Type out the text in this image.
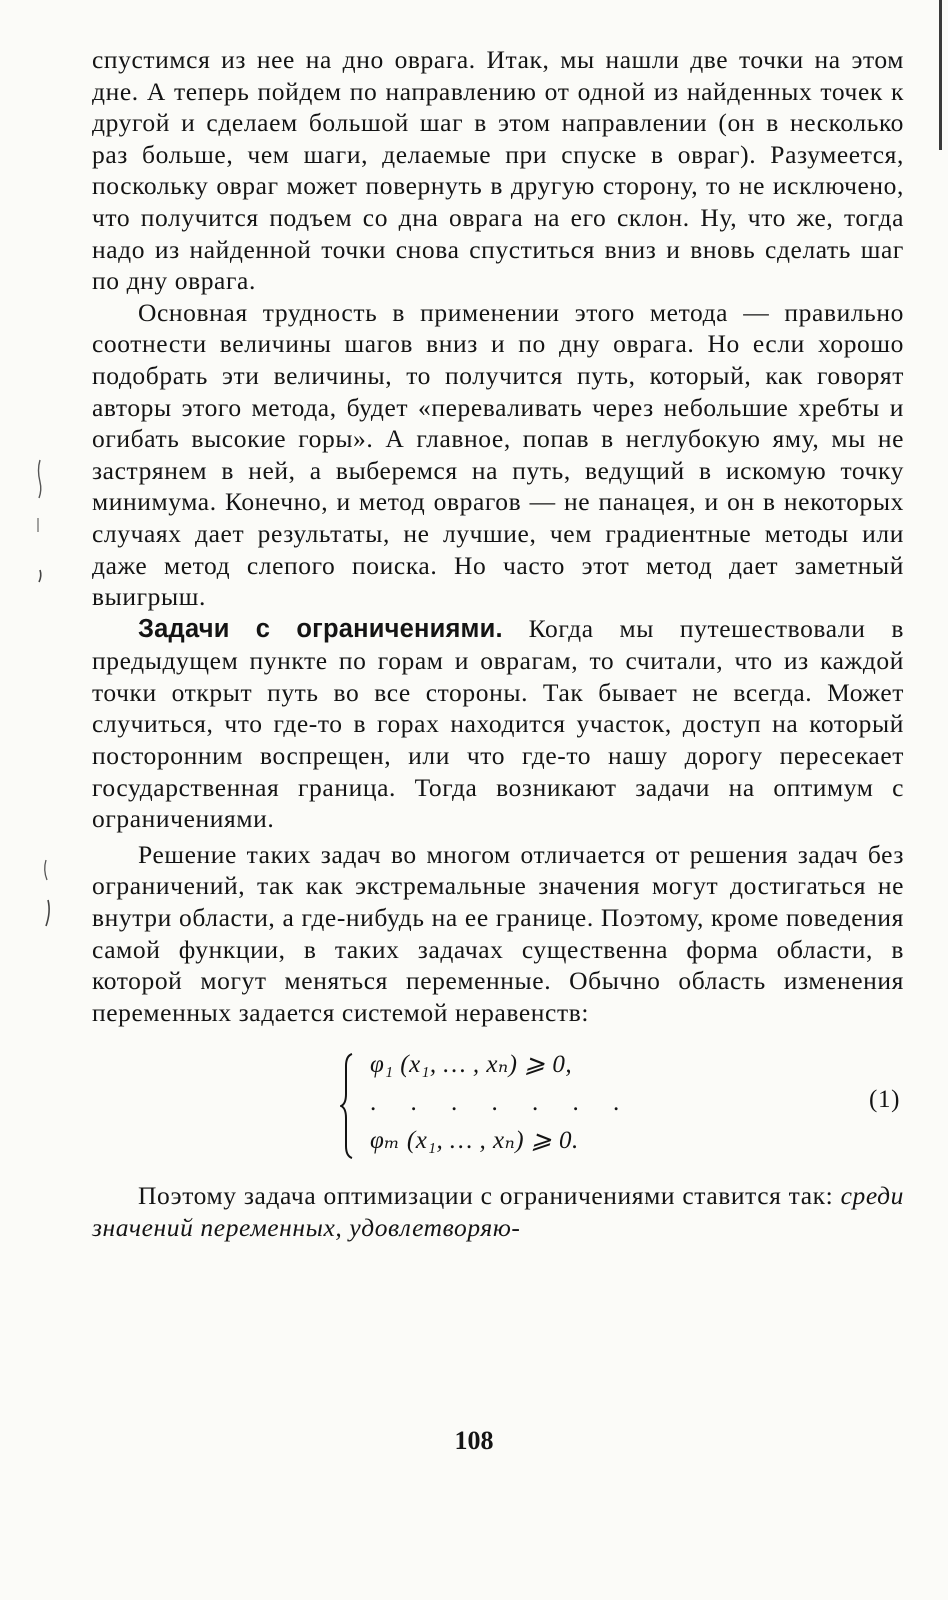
спустимся из нее на дно оврага. Итак, мы нашли две точки на этом дне. А теперь пойдем по направлению от одной из найденных точек к другой и сделаем большой шаг в этом направлении (он в несколько раз больше, чем шаги, делаемые при спуске в овраг). Разумеется, поскольку овраг может повернуть в другую сторону, то не исключено, что получится подъем со дна оврага на его склон. Ну, что же, тогда надо из найденной точки снова спуститься вниз и вновь сделать шаг по дну оврага.

Основная трудность в применении этого метода — правильно соотнести величины шагов вниз и по дну оврага. Но если хорошо подобрать эти величины, то получится путь, который, как говорят авторы этого метода, будет «переваливать через небольшие хребты и огибать высокие горы». А главное, попав в неглубокую яму, мы не застрянем в ней, а выберемся на путь, ведущий в искомую точку минимума. Конечно, и метод оврагов — не панацея, и он в некоторых случаях дает результаты, не лучшие, чем градиентные методы или даже метод слепого поиска. Но часто этот метод дает заметный выигрыш.

Задачи с ограничениями. Когда мы путешествовали в предыдущем пункте по горам и оврагам, то считали, что из каждой точки открыт путь во все стороны. Так бывает не всегда. Может случиться, что где-то в горах находится участок, доступ на который посторонним воспрещен, или что где-то нашу дорогу пересекает государственная граница. Тогда возникают задачи на оптимум с ограничениями.

Решение таких задач во многом отличается от решения задач без ограничений, так как экстремальные значения могут достигаться не внутри области, а где-нибудь на ее границе. Поэтому, кроме поведения самой функции, в таких задачах существенна форма области, в которой могут меняться переменные. Обычно область изменения переменных задается системой неравенств:

φ₁ (x₁, … , xₙ) ⩾ 0,
. . . . . . .
φₘ (x₁, … , xₙ) ⩾ 0.
(1)

Поэтому задача оптимизации с ограничениями ставится так: среди значений переменных, удовлетворяю-

108
